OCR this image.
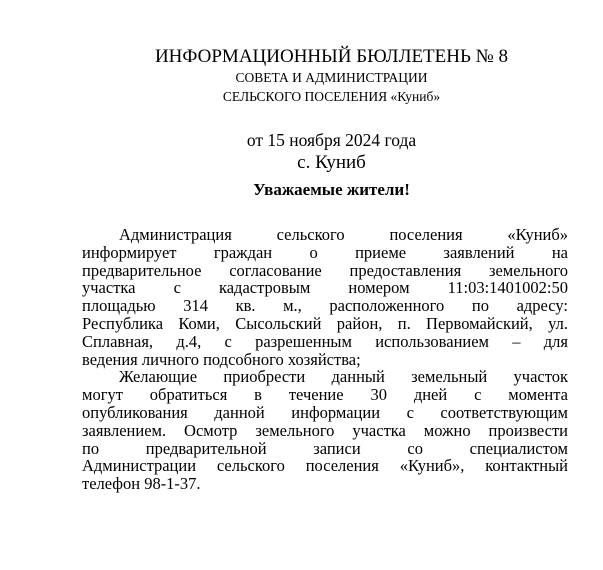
ИНФОРМАЦИОННЫЙ БЮЛЛЕТЕНЬ № 8
СОВЕТА И АДМИНИСТРАЦИИ
СЕЛЬСКОГО ПОСЕЛЕНИЯ «Куниб»
от 15 ноября 2024 года
с. Куниб
Уважаемые жители!
Администрация сельского поселения «Куниб»
информирует граждан о приеме заявлений на
предварительное согласование предоставления земельного
участка с кадастровым номером 11:03:1401002:50
площадью 314 кв. м., расположенного по адресу:
Республика Коми, Сысольский район, п. Первомайский, ул.
Сплавная, д.4, с разрешенным использованием – для
ведения личного подсобного хозяйства;
Желающие приобрести данный земельный участок
могут обратиться в течение 30 дней с момента
опубликования данной информации с соответствующим
заявлением. Осмотр земельного участка можно произвести
по предварительной записи со специалистом
Администрации сельского поселения «Куниб», контактный
телефон 98-1-37.
